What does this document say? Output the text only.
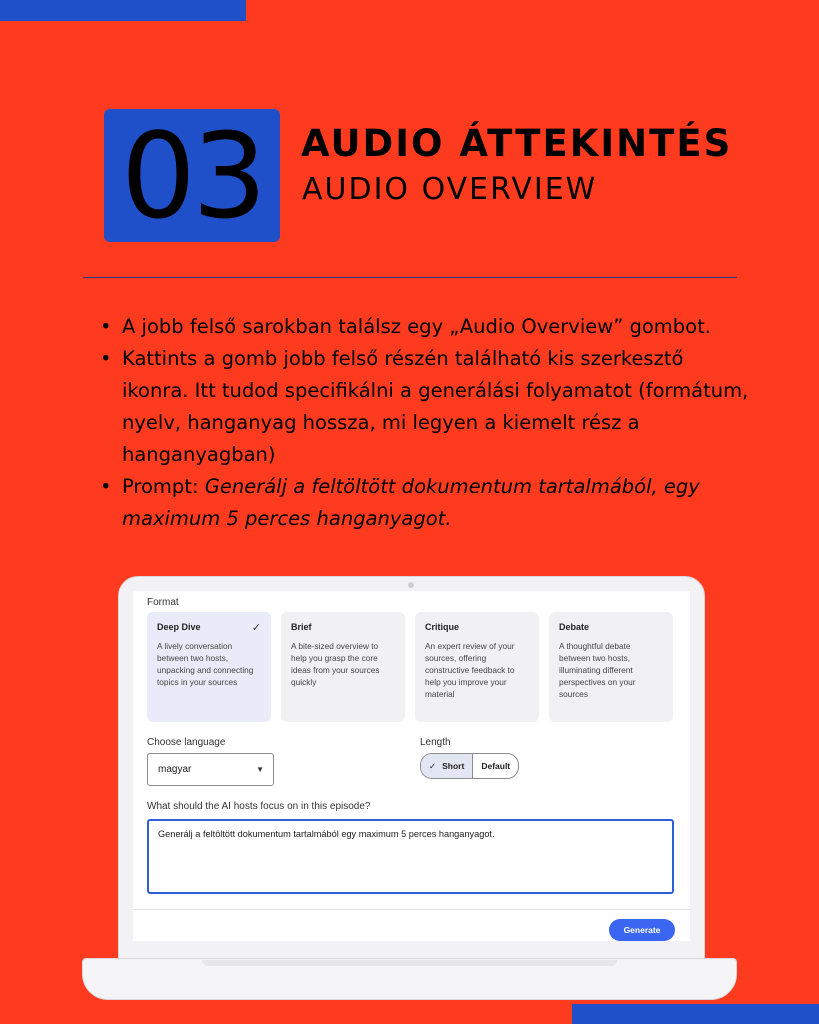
03	AUDIO ÁTTEKINTÉS
AUDIO OVERVIEW
• A jobb felső sarokban találsz egy „Audio Overview” gombot.
• Kattints a gomb jobb felső részén található kis szerkesztő ikonra. Itt tudod specifikálni a generálási folyamatot (formátum, nyelv, hanganyag hossza, mi legyen a kiemelt rész a hanganyagban)
• Prompt: Generálj a feltöltött dokumentum tartalmából, egy maximum 5 perces hanganyagot.
Format
Deep Dive	✓
A lively conversation between two hosts, unpacking and connecting topics in your sources
Brief
A bite-sized overview to help you grasp the core ideas from your sources quickly
Critique
An expert review of your sources, offering constructive feedback to help you improve your material
Debate
A thoughtful debate between two hosts, illuminating different perspectives on your sources
Choose language
magyar	▼
Length
✓ Short	Default
What should the AI hosts focus on in this episode?
Generálj a feltöltött dokumentum tartalmából egy maximum 5 perces hanganyagot.
Generate
